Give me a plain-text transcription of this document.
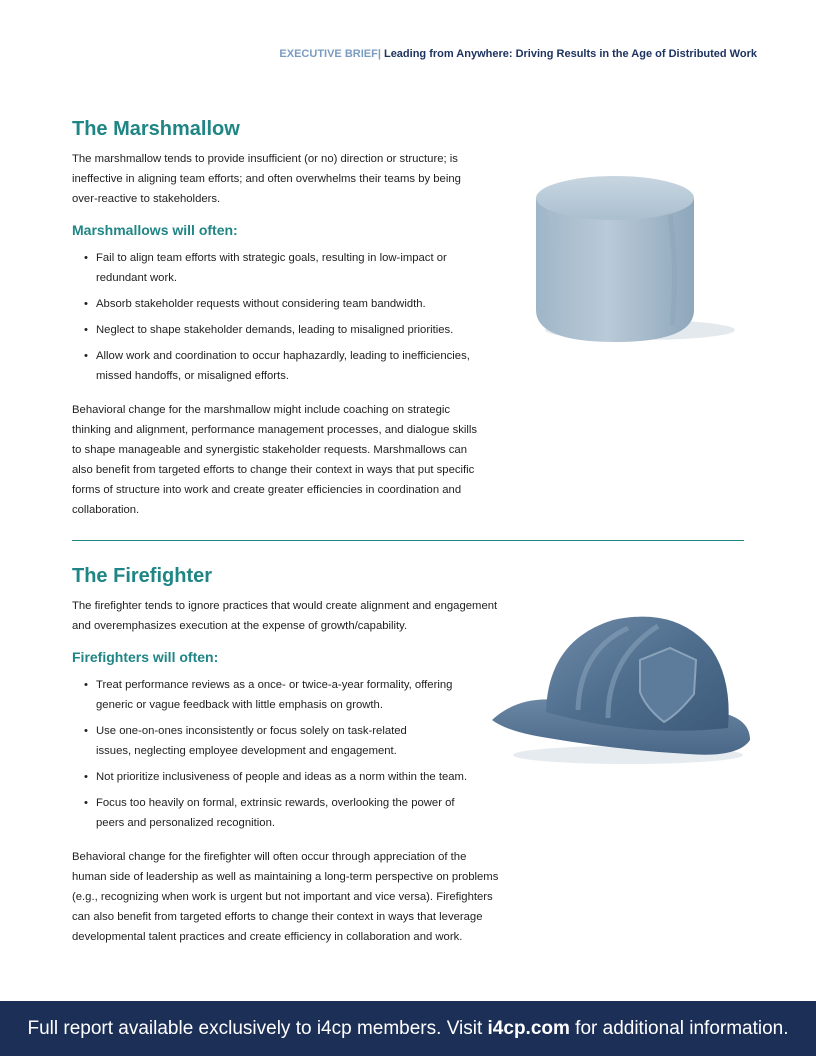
EXECUTIVE BRIEF| Leading from Anywhere: Driving Results in the Age of Distributed Work
The Marshmallow

The marshmallow tends to provide insufficient (or no) direction or structure; is
ineffective in aligning team efforts; and often overwhelms their teams by being
over-reactive to stakeholders.

Marshmallows will often:
• Fail to align team efforts with strategic goals, resulting in low-impact or
redundant work.
• Absorb stakeholder requests without considering team bandwidth.
• Neglect to shape stakeholder demands, leading to misaligned priorities.
• Allow work and coordination to occur haphazardly, leading to inefficiencies,
missed handoffs, or misaligned efforts.

Behavioral change for the marshmallow might include coaching on strategic
thinking and alignment, performance management processes, and dialogue skills
to shape manageable and synergistic stakeholder requests. Marshmallows can
also benefit from targeted efforts to change their context in ways that put specific
forms of structure into work and create greater efficiencies in coordination and
collaboration.

The Firefighter

The firefighter tends to ignore practices that would create alignment and engagement
and overemphasizes execution at the expense of growth/capability.

Firefighters will often:
• Treat performance reviews as a once- or twice-a-year formality, offering
generic or vague feedback with little emphasis on growth.
• Use one-on-ones inconsistently or focus solely on task-related
issues, neglecting employee development and engagement.
• Not prioritize inclusiveness of people and ideas as a norm within the team.
• Focus too heavily on formal, extrinsic rewards, overlooking the power of
peers and personalized recognition.

Behavioral change for the firefighter will often occur through appreciation of the
human side of leadership as well as maintaining a long-term perspective on problems
(e.g., recognizing when work is urgent but not important and vice versa). Firefighters
can also benefit from targeted efforts to change their context in ways that leverage
developmental talent practices and create efficiency in collaboration and work.

Full report available exclusively to i4cp members. Visit i4cp.com for additional information.
